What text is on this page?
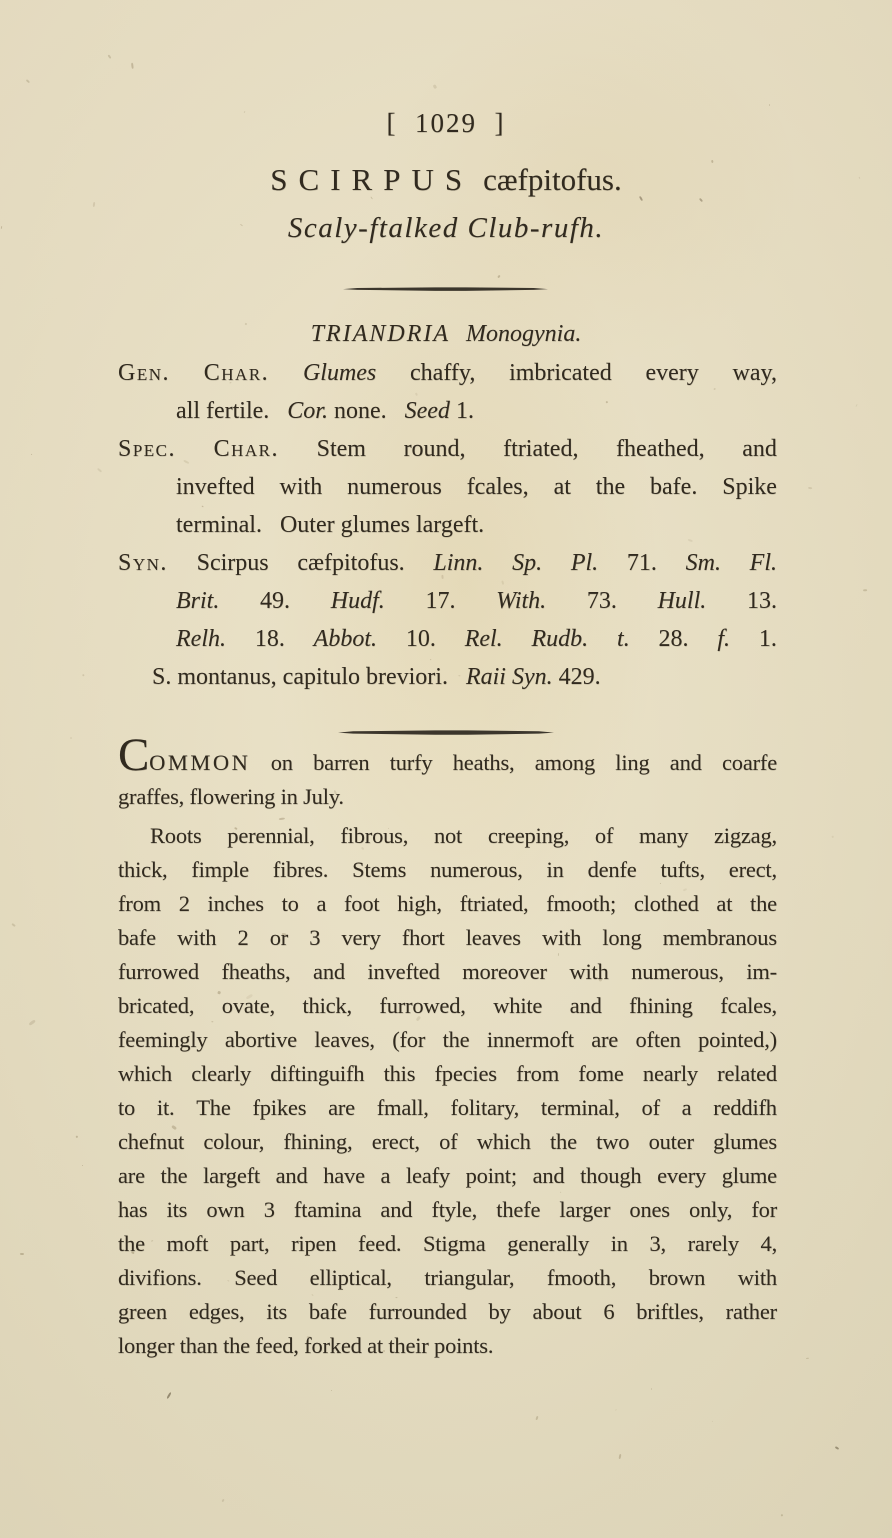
[  1029  ]
SCIRPUS cæfpitofus.
Scaly-ftalked Club-rufh.
TRIANDRIA Monogynia.
Gen. Char. Glumes chaffy, imbricated every way,
all fertile.   Cor. none.   Seed 1.
Spec. Char. Stem round, ftriated, fheathed, and
invefted with numerous fcales, at the bafe. Spike
terminal.   Outer glumes largeft.
Syn. Scirpus cæfpitofus. Linn. Sp. Pl. 71. Sm. Fl.
Brit. 49. Hudf. 17. With. 73. Hull. 13.
Relh. 18. Abbot. 10. Rel. Rudb. t. 28. f. 1.
S. montanus, capitulo breviori.   Raii Syn. 429.
COMMON on barren turfy heaths, among ling and coarfe
graffes, flowering in July.
Roots perennial, fibrous, not creeping, of many zigzag,
thick, fimple fibres. Stems numerous, in denfe tufts, erect,
from 2 inches to a foot high, ftriated, fmooth; clothed at the
bafe with 2 or 3 very fhort leaves with long membranous
furrowed fheaths, and invefted moreover with numerous, im-
bricated, ovate, thick, furrowed, white and fhining fcales,
feemingly abortive leaves, (for the innermoft are often pointed,)
which clearly diftinguifh this fpecies from fome nearly related
to it. The fpikes are fmall, folitary, terminal, of a reddifh
chefnut colour, fhining, erect, of which the two outer glumes
are the largeft and have a leafy point; and though every glume
has its own 3 ftamina and ftyle, thefe larger ones only, for
the moft part, ripen feed. Stigma generally in 3, rarely 4,
divifions. Seed elliptical, triangular, fmooth, brown with
green edges, its bafe furrounded by about 6 briftles, rather
longer than the feed, forked at their points.
